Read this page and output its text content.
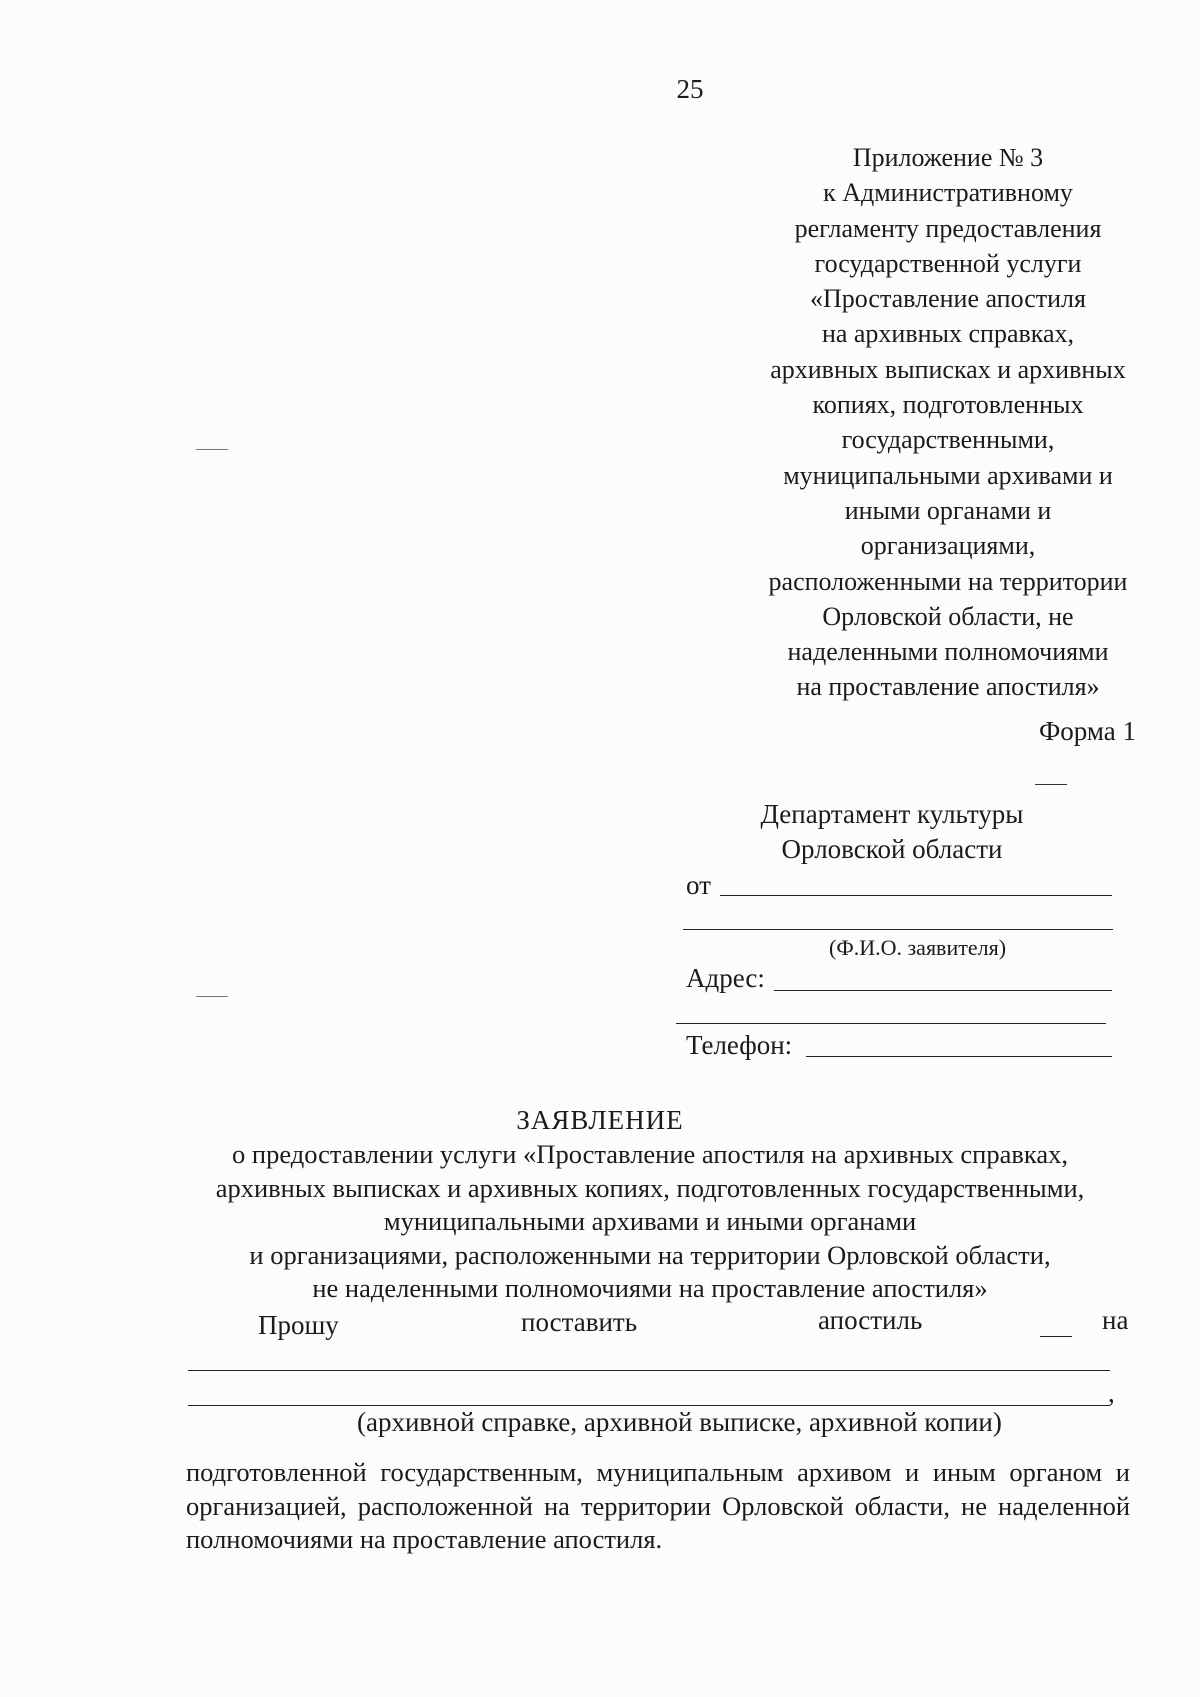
25
Приложение № 3
к Административному
регламенту предоставления
государственной услуги
«Проставление апостиля
на архивных справках,
архивных выписках и архивных
копиях, подготовленных
государственными,
муниципальными архивами и
иными органами и
организациями,
расположенными на территории
Орловской области, не
наделенными полномочиями
на проставление апостиля»
Форма 1
Департамент культуры
Орловской области
от
(Ф.И.О. заявителя)
Адрес:
Телефон:
ЗАЯВЛЕНИЕ
о предоставлении услуги «Проставление апостиля на архивных справках,
архивных выписках и архивных копиях, подготовленных государственными,
муниципальными архивами и иными органами
и организациями, расположенными на территории Орловской области,
не наделенными полномочиями на проставление апостиля»
Прошу	поставить	апостиль	на
,
(архивной справке, архивной выписке, архивной копии)
подготовленной государственным, муниципальным архивом и иным органом и организацией, расположенной на территории Орловской области, не наделенной полномочиями на проставление апостиля.
